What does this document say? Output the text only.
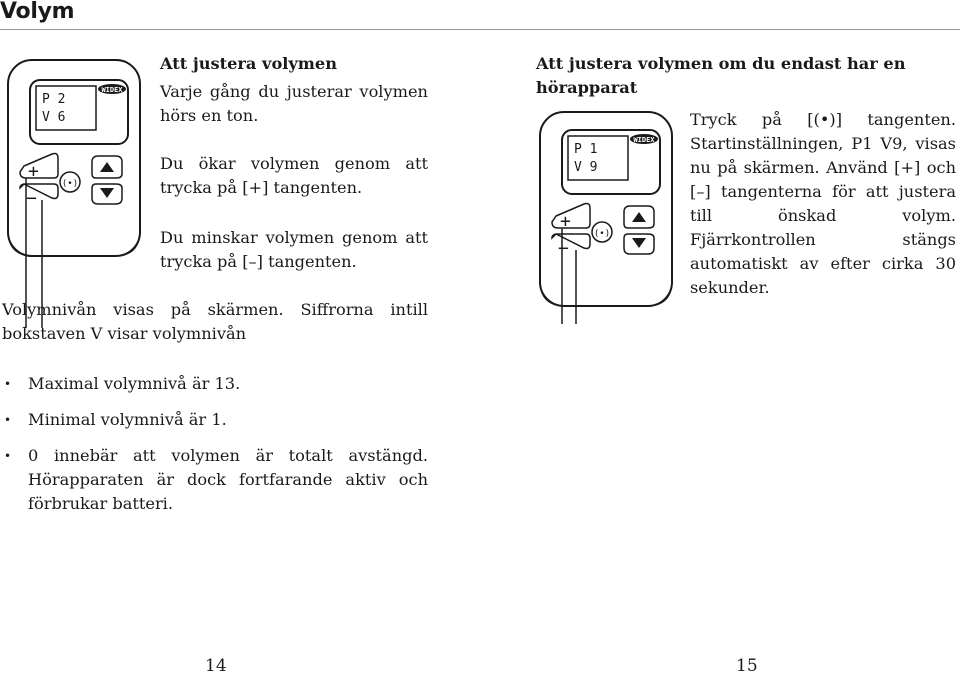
Volym
WIDEX
P 2
V 6
+
−
(•)
WIDEX
P 1
V 9
+
−
(•)
Att justera volymen
Varje gång du justerar volymen hörs en ton.
Du ökar volymen genom att trycka på [+] tangenten.
Du minskar volymen genom att trycka på [–] tangenten.
Volymnivån visas på skärmen. Siffrorna intill bokstaven V visar volymnivån
• Maximal volymnivå är 13.
• Minimal volymnivå är 1.
• 0 innebär att volymen är totalt avstängd. Hörapparaten är dock fortfarande aktiv och förbrukar batteri.
Att justera volymen om du endast har en hörapparat
Tryck på [(•)] tangenten. Startinställningen, P1 V9, visas nu på skärmen. Använd [+] och [–] tangenterna för att justera till önskad volym. Fjärrkontrollen stängs automatiskt av efter cirka 30 sekunder.
14	15
